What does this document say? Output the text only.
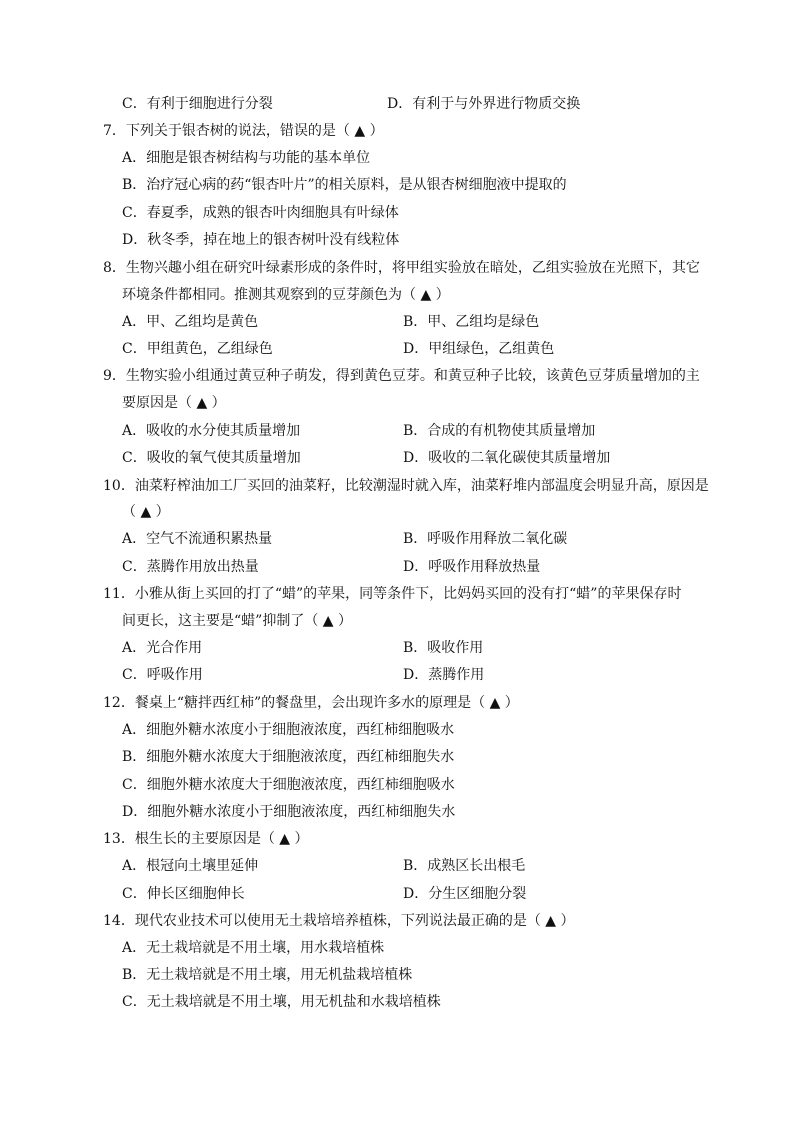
C．有利于细胞进行分裂	D．有利于与外界进行物质交换
7．下列关于银杏树的说法，错误的是（ ▲ ）
A．细胞是银杏树结构与功能的基本单位
B．治疗冠心病的药“银杏叶片”的相关原料，是从银杏树细胞液中提取的
C．春夏季，成熟的银杏叶肉细胞具有叶绿体
D．秋冬季，掉在地上的银杏树叶没有线粒体
8．生物兴趣小组在研究叶绿素形成的条件时，将甲组实验放在暗处，乙组实验放在光照下，其它
环境条件都相同。推测其观察到的豆芽颜色为（ ▲ ）
A．甲、乙组均是黄色	B．甲、乙组均是绿色
C．甲组黄色，乙组绿色	D．甲组绿色，乙组黄色
9．生物实验小组通过黄豆种子萌发，得到黄色豆芽。和黄豆种子比较，该黄色豆芽质量增加的主
要原因是（ ▲ ）
A．吸收的水分使其质量增加	B．合成的有机物使其质量增加
C．吸收的氧气使其质量增加	D．吸收的二氧化碳使其质量增加
10．油菜籽榨油加工厂买回的油菜籽，比较潮湿时就入库，油菜籽堆内部温度会明显升高，原因是
（ ▲ ）
A．空气不流通积累热量	B．呼吸作用释放二氧化碳
C．蒸腾作用放出热量	D．呼吸作用释放热量
11．小雅从街上买回的打了“蜡”的苹果，同等条件下，比妈妈买回的没有打“蜡”的苹果保存时
间更长，这主要是“蜡”抑制了（ ▲ ）
A．光合作用	B．吸收作用
C．呼吸作用	D．蒸腾作用
12．餐桌上“糖拌西红柿”的餐盘里，会出现许多水的原理是（ ▲ ）
A．细胞外糖水浓度小于细胞液浓度，西红柿细胞吸水
B．细胞外糖水浓度大于细胞液浓度，西红柿细胞失水
C．细胞外糖水浓度大于细胞液浓度，西红柿细胞吸水
D．细胞外糖水浓度小于细胞液浓度，西红柿细胞失水
13．根生长的主要原因是（ ▲ ）
A．根冠向土壤里延伸	B．成熟区长出根毛
C．伸长区细胞伸长	D．分生区细胞分裂
14．现代农业技术可以使用无土栽培培养植株，下列说法最正确的是（ ▲ ）
A．无土栽培就是不用土壤，用水栽培植株
B．无土栽培就是不用土壤，用无机盐栽培植株
C．无土栽培就是不用土壤，用无机盐和水栽培植株
